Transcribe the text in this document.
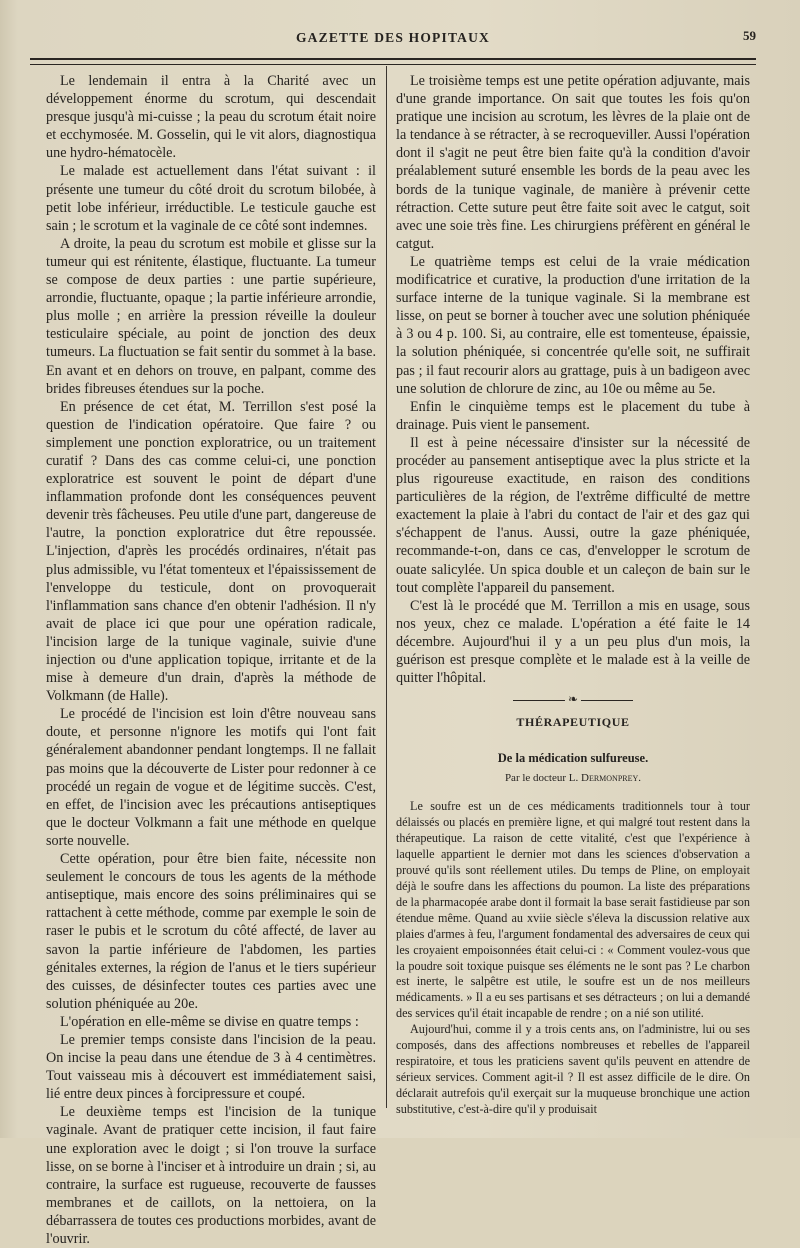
GAZETTE DES HOPITAUX	59

Le lendemain il entra à la Charité avec un développement énorme du scrotum, qui descendait presque jusqu'à mi-cuisse ; la peau du scrotum était noire et ecchymosée. M. Gosselin, qui le vit alors, diagnostiqua une hydro-hématocèle.

Le malade est actuellement dans l'état suivant : il présente une tumeur du côté droit du scrotum bilobée, à petit lobe inférieur, irréductible. Le testicule gauche est sain ; le scrotum et la vaginale de ce côté sont indemnes.

A droite, la peau du scrotum est mobile et glisse sur la tumeur qui est rénitente, élastique, fluctuante. La tumeur se compose de deux parties : une partie supérieure, arrondie, fluctuante, opaque ; la partie inférieure arrondie, plus molle ; en arrière la pression réveille la douleur testiculaire spéciale, au point de jonction des deux tumeurs. La fluctuation se fait sentir du sommet à la base. En avant et en dehors on trouve, en palpant, comme des brides fibreuses étendues sur la poche.

En présence de cet état, M. Terrillon s'est posé la question de l'indication opératoire. Que faire ? ou simplement une ponction exploratrice, ou un traitement curatif ? Dans des cas comme celui-ci, une ponction exploratrice est souvent le point de départ d'une inflammation profonde dont les conséquences peuvent devenir très fâcheuses. Peu utile d'une part, dangereuse de l'autre, la ponction exploratrice dut être repoussée. L'injection, d'après les procédés ordinaires, n'était pas plus admissible, vu l'état tomenteux et l'épaississement de l'enveloppe du testicule, dont on provoquerait l'inflammation sans chance d'en obtenir l'adhésion. Il n'y avait de place ici que pour une opération radicale, l'incision large de la tunique vaginale, suivie d'une injection ou d'une application topique, irritante et de la mise à demeure d'un drain, d'après la méthode de Volkmann (de Halle).

Le procédé de l'incision est loin d'être nouveau sans doute, et personne n'ignore les motifs qui l'ont fait généralement abandonner pendant longtemps. Il ne fallait pas moins que la découverte de Lister pour redonner à ce procédé un regain de vogue et de légitime succès. C'est, en effet, de l'incision avec les précautions antiseptiques que le docteur Volkmann a fait une méthode en quelque sorte nouvelle.

Cette opération, pour être bien faite, nécessite non seulement le concours de tous les agents de la méthode antiseptique, mais encore des soins préliminaires qui se rattachent à cette méthode, comme par exemple le soin de raser le pubis et le scrotum du côté affecté, de laver au savon la partie inférieure de l'abdomen, les parties génitales externes, la région de l'anus et le tiers supérieur des cuisses, de désinfecter toutes ces parties avec une solution phéniquée au 20e.

L'opération en elle-même se divise en quatre temps :

Le premier temps consiste dans l'incision de la peau. On incise la peau dans une étendue de 3 à 4 centimètres. Tout vaisseau mis à découvert est immédiatement saisi, lié entre deux pinces à forcipressure et coupé.

Le deuxième temps est l'incision de la tunique vaginale. Avant de pratiquer cette incision, il faut faire une exploration avec le doigt ; si l'on trouve la surface lisse, on se borne à l'inciser et à introduire un drain ; si, au contraire, la surface est rugueuse, recouverte de fausses membranes et de caillots, on la nettoiera, on la débarrassera de toutes ces productions morbides, avant de l'ouvrir.

Le troisième temps est une petite opération adjuvante, mais d'une grande importance. On sait que toutes les fois qu'on pratique une incision au scrotum, les lèvres de la plaie ont de la tendance à se rétracter, à se recroqueviller. Aussi l'opération dont il s'agit ne peut être bien faite qu'à la condition d'avoir préalablement suturé ensemble les bords de la peau avec les bords de la tunique vaginale, de manière à prévenir cette rétraction. Cette suture peut être faite soit avec le catgut, soit avec une soie très fine. Les chirurgiens préfèrent en général le catgut.

Le quatrième temps est celui de la vraie médication modificatrice et curative, la production d'une irritation de la surface interne de la tunique vaginale. Si la membrane est lisse, on peut se borner à toucher avec une solution phéniquée à 3 ou 4 p. 100. Si, au contraire, elle est tomenteuse, épaissie, la solution phéniquée, si concentrée qu'elle soit, ne suffirait pas ; il faut recourir alors au grattage, puis à un badigeon avec une solution de chlorure de zinc, au 10e ou même au 5e.

Enfin le cinquième temps est le placement du tube à drainage. Puis vient le pansement.

Il est à peine nécessaire d'insister sur la nécessité de procéder au pansement antiseptique avec la plus stricte et la plus rigoureuse exactitude, en raison des conditions particulières de la région, de l'extrême difficulté de mettre exactement la plaie à l'abri du contact de l'air et des gaz qui s'échappent de l'anus. Aussi, outre la gaze phéniquée, recommande-t-on, dans ce cas, d'envelopper le scrotum de ouate salicylée. Un spica double et un caleçon de bain sur le tout complète l'appareil du pansement.

C'est là le procédé que M. Terrillon a mis en usage, sous nos yeux, chez ce malade. L'opération a été faite le 14 décembre. Aujourd'hui il y a un peu plus d'un mois, la guérison est presque complète et le malade est à la veille de quitter l'hôpital.

❧
THÉRAPEUTIQUE
De la médication sulfureuse.
Par le docteur L. Dermonprey.

Le soufre est un de ces médicaments traditionnels tour à tour délaissés ou placés en première ligne, et qui malgré tout restent dans la thérapeutique. La raison de cette vitalité, c'est que l'expérience à laquelle appartient le dernier mot dans les sciences d'observation a prouvé qu'ils sont réellement utiles. Du temps de Pline, on employait déjà le soufre dans les affections du poumon. La liste des préparations de la pharmacopée arabe dont il formait la base serait fastidieuse par son étendue même. Quand au xviie siècle s'éleva la discussion relative aux plaies d'armes à feu, l'argument fondamental des adversaires de ceux qui les croyaient empoisonnées était celui-ci : « Comment voulez-vous que la poudre soit toxique puisque ses éléments ne le sont pas ? Le charbon est inerte, le salpêtre est utile, le soufre est un de nos meilleurs médicaments. » Il a eu ses partisans et ses détracteurs ; on lui a demandé des services qu'il était incapable de rendre ; on a nié son utilité.

Aujourd'hui, comme il y a trois cents ans, on l'administre, lui ou ses composés, dans des affections nombreuses et rebelles de l'appareil respiratoire, et tous les praticiens savent qu'ils peuvent en attendre de sérieux services. Comment agit-il ? Il est assez difficile de le dire. On déclarait autrefois qu'il exerçait sur la muqueuse bronchique une action substitutive, c'est-à-dire qu'il y produisait
